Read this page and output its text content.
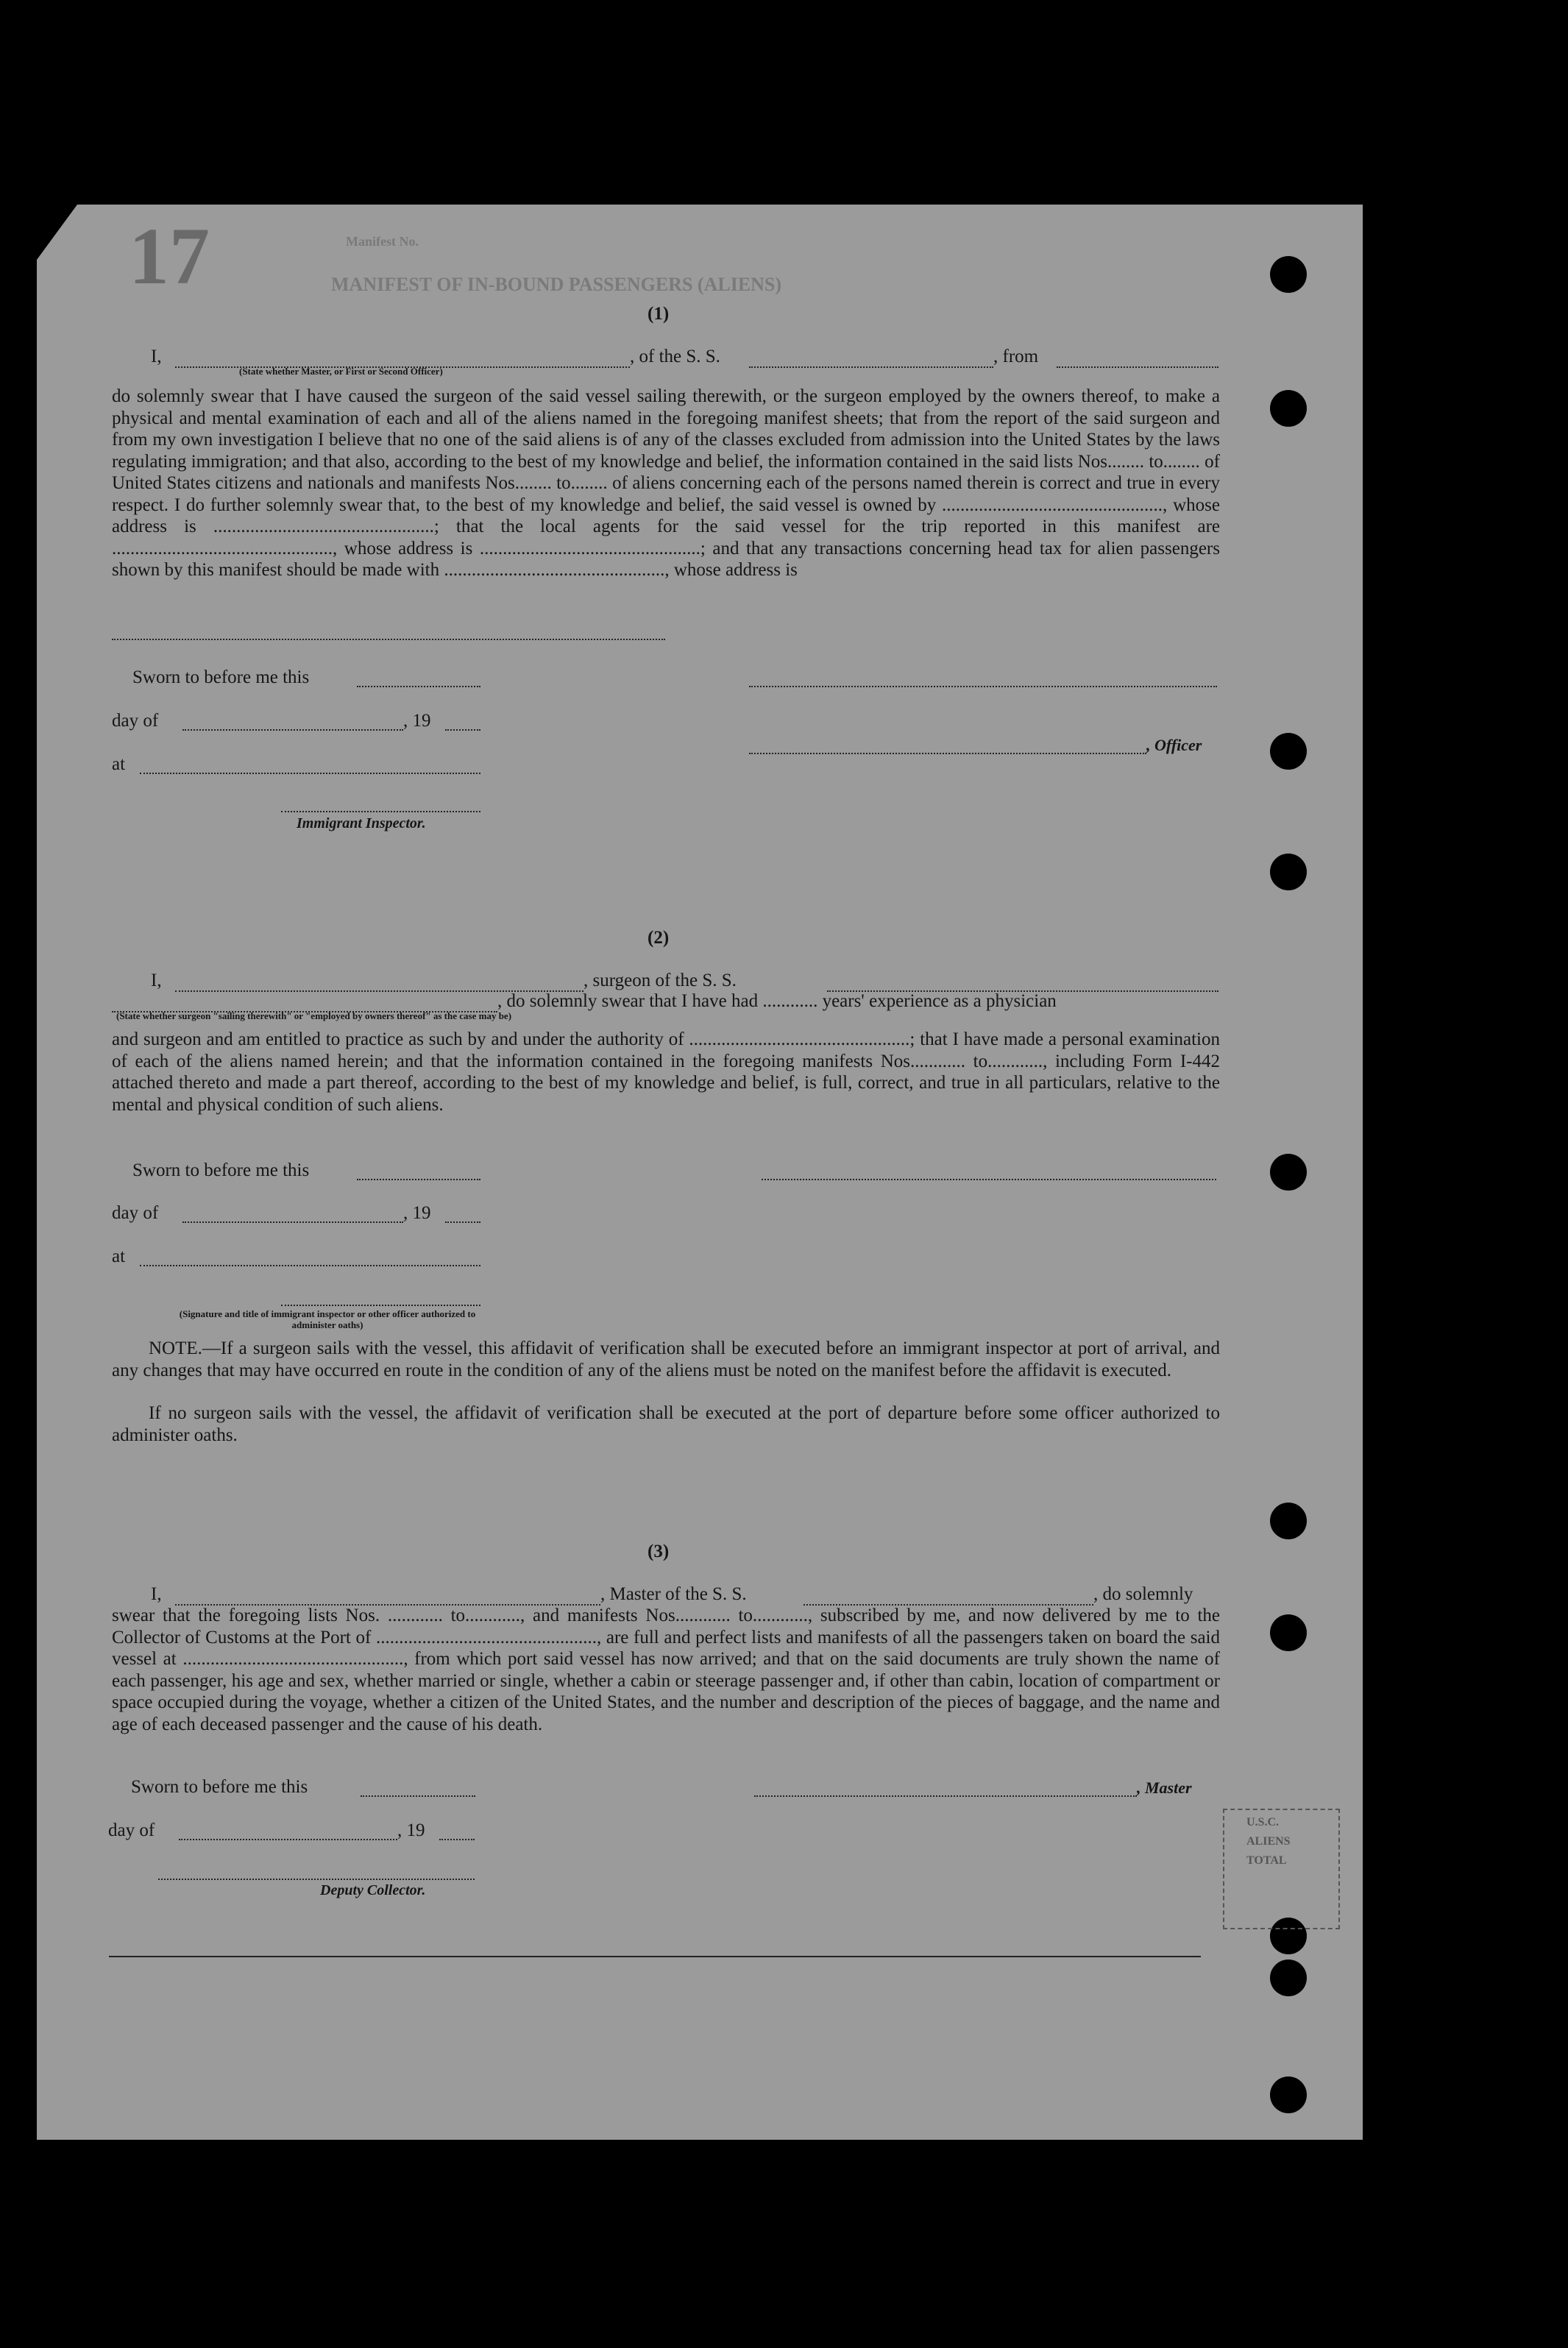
17	Manifest No.
MANIFEST OF IN-BOUND PASSENGERS (ALIENS)
(1)
I,	, of the S. S.	, from
(State whether Master, or First or Second Officer)
do solemnly swear that I have caused the surgeon of the said vessel sailing therewith, or the surgeon employed by the owners thereof, to make a physical and mental examination of each and all of the aliens named in the foregoing manifest sheets; that from the report of the said surgeon and from my own investigation I believe that no one of the said aliens is of any of the classes excluded from admission into the United States by the laws regulating immigration; and that also, according to the best of my knowledge and belief, the information contained in the said lists Nos........ to........ of United States citizens and nationals and manifests Nos........ to........ of aliens concerning each of the persons named therein is correct and true in every respect. I do further solemnly swear that, to the best of my knowledge and belief, the said vessel is owned by ................................................, whose address is ................................................; that the local agents for the said vessel for the trip reported in this manifest are ................................................, whose address is ................................................; and that any transactions concerning head tax for alien passengers shown by this manifest should be made with ................................................, whose address is
Sworn to before me this
day of	, 19
, Officer
at
Immigrant Inspector.
(2)
I,	, surgeon of the S. S.
, do solemnly swear that I have had ............ years' experience as a physician
(State whether surgeon "sailing therewith" or "employed by owners thereof" as the case may be)
and surgeon and am entitled to practice as such by and under the authority of ................................................; that I have made a personal examination of each of the aliens named herein; and that the information contained in the foregoing manifests Nos............ to............, including Form I-442 attached thereto and made a part thereof, according to the best of my knowledge and belief, is full, correct, and true in all particulars, relative to the mental and physical condition of such aliens.
Sworn to before me this
day of	, 19
at
(Signature and title of immigrant inspector or other officer authorized to administer oaths)
NOTE.—If a surgeon sails with the vessel, this affidavit of verification shall be executed before an immigrant inspector at port of arrival, and any changes that may have occurred en route in the condition of any of the aliens must be noted on the manifest before the affidavit is executed.
If no surgeon sails with the vessel, the affidavit of verification shall be executed at the port of departure before some officer authorized to administer oaths.
(3)
I,	, Master of the S. S.	, do solemnly
swear that the foregoing lists Nos. ............ to............, and manifests Nos............ to............, subscribed by me, and now delivered by me to the Collector of Customs at the Port of ................................................, are full and perfect lists and manifests of all the passengers taken on board the said vessel at ................................................, from which port said vessel has now arrived; and that on the said documents are truly shown the name of each passenger, his age and sex, whether married or single, whether a cabin or steerage passenger and, if other than cabin, location of compartment or space occupied during the voyage, whether a citizen of the United States, and the number and description of the pieces of baggage, and the name and age of each deceased passenger and the cause of his death.
Sworn to before me this	, Master
day of	, 19
Deputy Collector.
U.S.C.
ALIENS
TOTAL
